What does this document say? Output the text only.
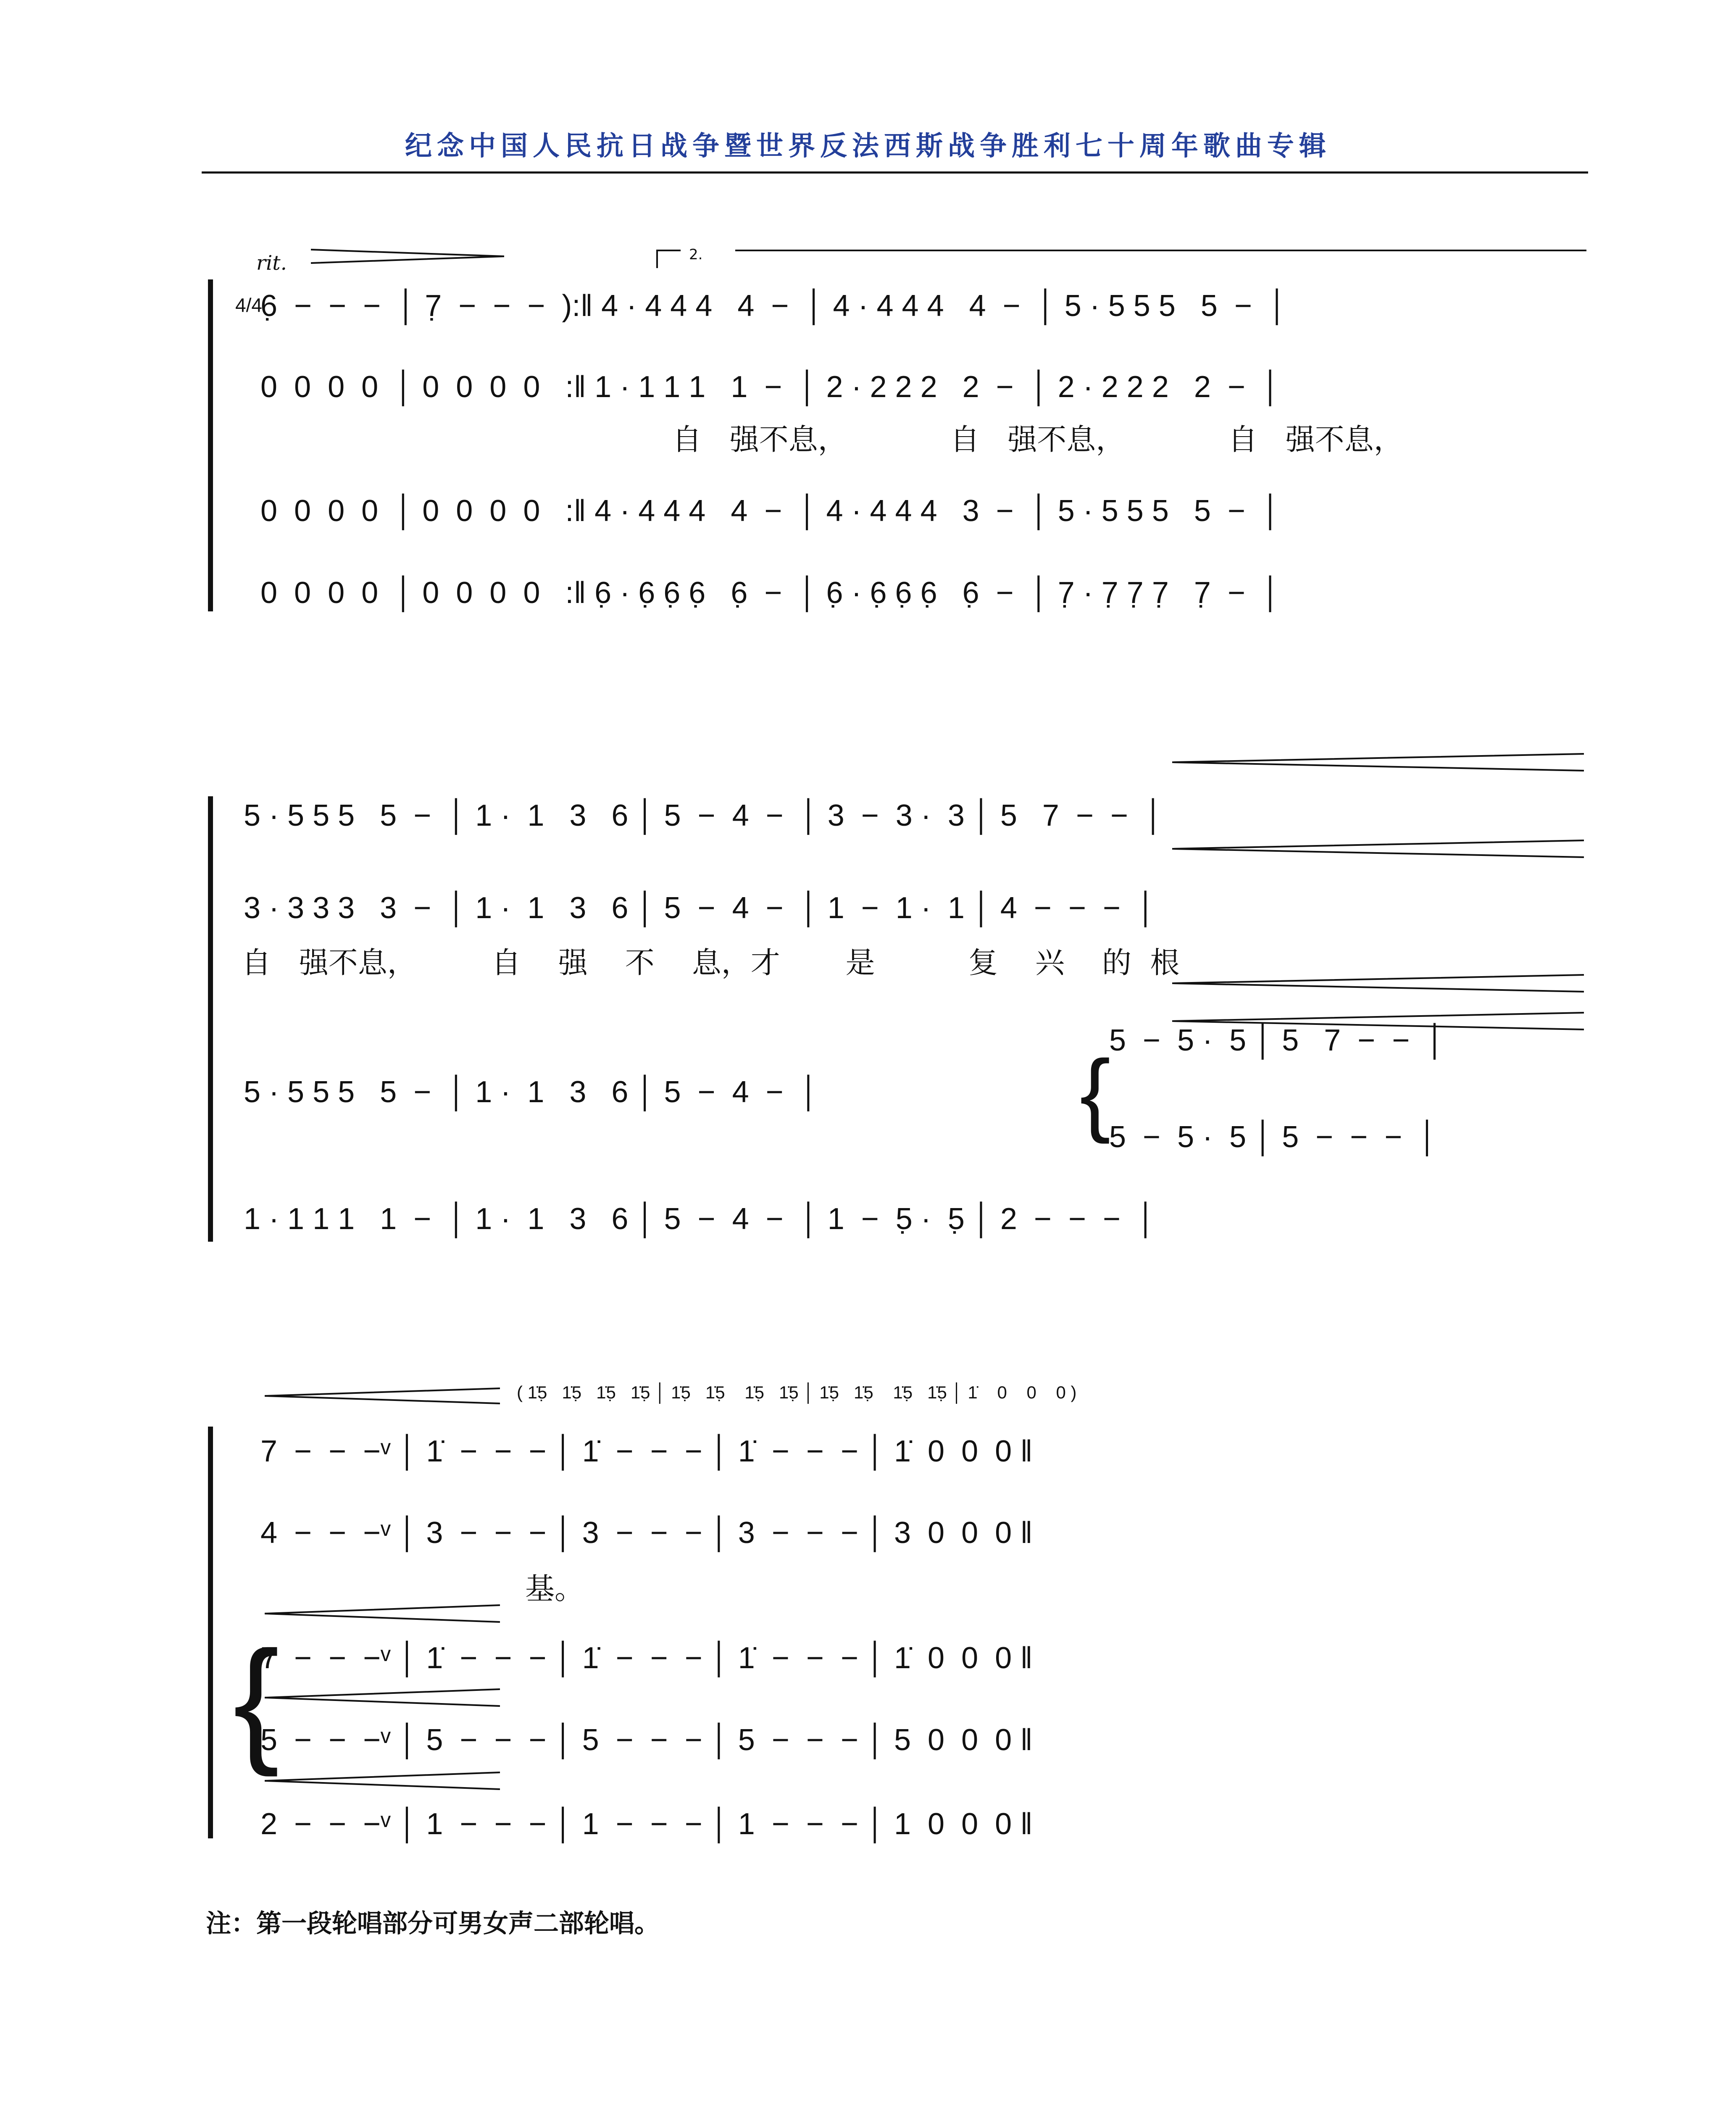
纪念中国人民抗日战争暨世界反法西斯战争胜利七十周年歌曲专辑
rit.	2.
4/4
6̣  −  −  −  │ 7̣  −  −  −  ):‖ 4 · 4 4 4   4  −  │ 4 · 4 4 4   4  −  │ 5 · 5 5 5   5  −  │
0  0  0  0  │ 0  0  0  0   :‖ 1 · 1 1 1   1  −  │ 2 · 2 2 2   2  −  │ 2 · 2 2 2   2  −  │
自   强不息，           自   强不息，           自   强不息，
0  0  0  0  │ 0  0  0  0   :‖ 4 · 4 4 4   4  −  │ 4 · 4 4 4   3  −  │ 5 · 5 5 5   5  −  │
0  0  0  0  │ 0  0  0  0   :‖ 6̣ · 6̣ 6̣ 6̣   6̣  −  │ 6̣ · 6̣ 6̣ 6̣   6̣  −  │ 7̣ · 7̣ 7̣ 7̣   7̣  −  │
5 · 5 5 5   5  −  │ 1 ·  1   3   6 │ 5  −  4  −  │ 3  −  3 ·  3 │ 5   7  −  −  │
3 · 3 3 3   3  −  │ 1 ·  1   3   6 │ 5  −  4  −  │ 1  −  1 ·  1 │ 4  −  −  −  │
自   强不息，        自    强    不    息，才       是          复    兴    的  根
5 · 5 5 5   5  −  │ 1 ·  1   3   6 │ 5  −  4  −  │
5  −  5 ·  5 │ 5   7  −  −  │
5  −  5 ·  5 │ 5  −  −  −  │
{
1 · 1 1 1   1  −  │ 1 ·  1   3   6 │ 5  −  4  −  │ 1  −  5̣ ·  5̣ │ 2  −  −  −  │
( 1̇5̣   1̇5̣   1̇5̣   1̇5̣ │ 1̇5̣   1̇5̣    1̇5̣   1̇5̣ │ 1̇5̣   1̇5̣    1̇5̣   1̇5̣ │ 1̇    0    0    0 )
7  −  −  −ᵛ │ 1̇  −  −  − │ 1̇  −  −  − │ 1̇  −  −  − │ 1̇  0  0  0 ‖
4  −  −  −ᵛ │ 3  −  −  − │ 3  −  −  − │ 3  −  −  − │ 3  0  0  0 ‖
基。
{
7  −  −  −ᵛ │ 1̇  −  −  − │ 1̇  −  −  − │ 1̇  −  −  − │ 1̇  0  0  0 ‖
5  −  −  −ᵛ │ 5  −  −  − │ 5  −  −  − │ 5  −  −  − │ 5  0  0  0 ‖
2  −  −  −ᵛ │ 1  −  −  − │ 1  −  −  − │ 1  −  −  − │ 1  0  0  0 ‖
注：第一段轮唱部分可男女声二部轮唱。
